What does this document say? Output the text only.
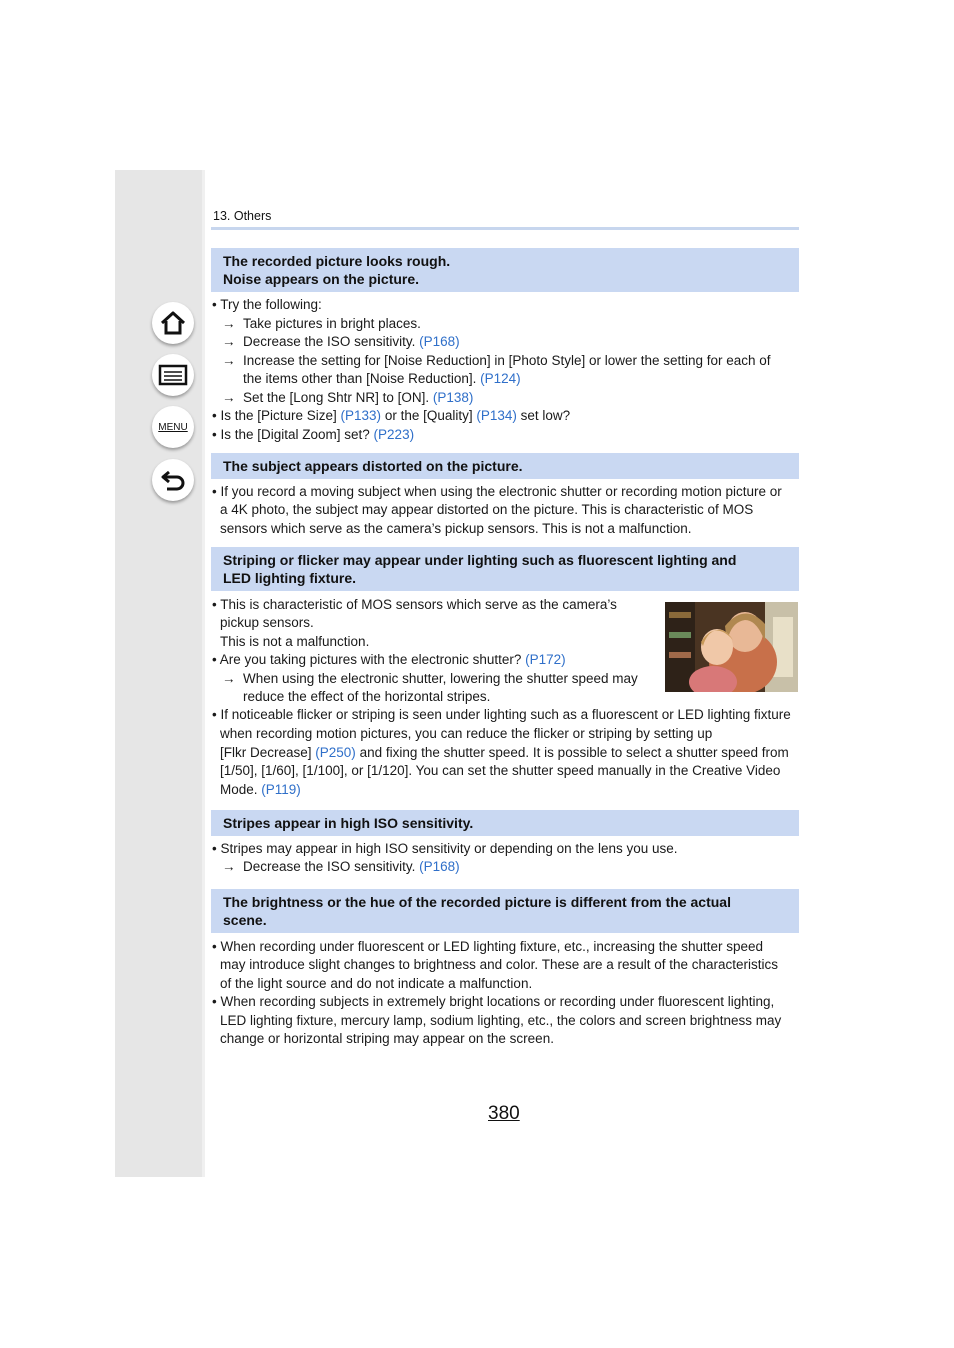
MENU
13. Others
The recorded picture looks rough.
Noise appears on the picture.
• Try the following:
→ Take pictures in bright places.
→ Decrease the ISO sensitivity. (P168)
→ Increase the setting for [Noise Reduction] in [Photo Style] or lower the setting for each of
the items other than [Noise Reduction]. (P124)
→ Set the [Long Shtr NR] to [ON]. (P138)
• Is the [Picture Size] (P133) or the [Quality] (P134) set low?
• Is the [Digital Zoom] set? (P223)
The subject appears distorted on the picture.
• If you record a moving subject when using the electronic shutter or recording motion picture or
a 4K photo, the subject may appear distorted on the picture. This is characteristic of MOS
sensors which serve as the camera’s pickup sensors. This is not a malfunction.
Striping or flicker may appear under lighting such as fluorescent lighting and
LED lighting fixture.
• This is characteristic of MOS sensors which serve as the camera’s
pickup sensors.
This is not a malfunction.
• Are you taking pictures with the electronic shutter? (P172)
→ When using the electronic shutter, lowering the shutter speed may
reduce the effect of the horizontal stripes.
• If noticeable flicker or striping is seen under lighting such as a fluorescent or LED lighting fixture
when recording motion pictures, you can reduce the flicker or striping by setting up
[Flkr Decrease] (P250) and fixing the shutter speed. It is possible to select a shutter speed from
[1/50], [1/60], [1/100], or [1/120]. You can set the shutter speed manually in the Creative Video
Mode. (P119)
Stripes appear in high ISO sensitivity.
• Stripes may appear in high ISO sensitivity or depending on the lens you use.
→ Decrease the ISO sensitivity. (P168)
The brightness or the hue of the recorded picture is different from the actual
scene.
• When recording under fluorescent or LED lighting fixture, etc., increasing the shutter speed
may introduce slight changes to brightness and color. These are a result of the characteristics
of the light source and do not indicate a malfunction.
• When recording subjects in extremely bright locations or recording under fluorescent lighting,
LED lighting fixture, mercury lamp, sodium lighting, etc., the colors and screen brightness may
change or horizontal striping may appear on the screen.
380
